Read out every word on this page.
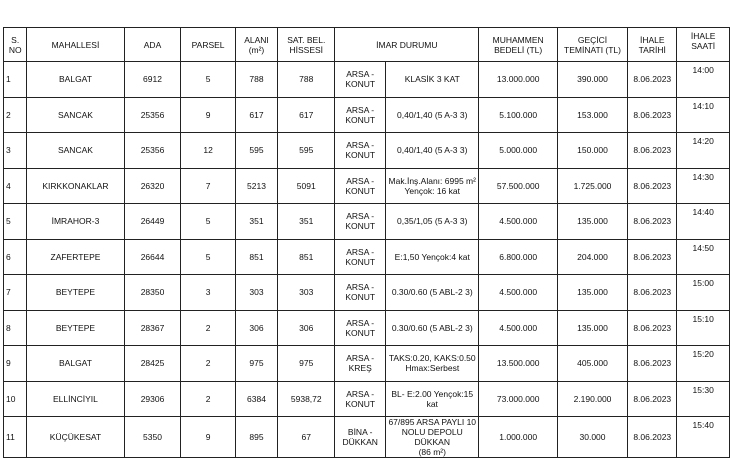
S.
NO	MAHALLESİ	ADA	PARSEL	ALANI
(m²)	SAT. BEL.
HİSSESİ	İMAR DURUMU		MUHAMMEN
BEDELİ (TL)	GEÇİCİ
TEMİNATI (TL)	İHALE
TARİHİ	İHALE SAATİ
1	BALGAT	6912	5	788	788	ARSA -
KONUT	KLASİK 3 KAT	13.000.000	390.000	8.06.2023	14:00
2	SANCAK	25356	9	617	617	ARSA -
KONUT	0,40/1,40 (5 A-3 3)	5.100.000	153.000	8.06.2023	14:10
3	SANCAK	25356	12	595	595	ARSA -
KONUT	0,40/1,40 (5 A-3 3)	5.000.000	150.000	8.06.2023	14:20
4	KIRKKONAKLAR	26320	7	5213	5091	ARSA -
KONUT	Mak.İnş.Alanı: 6995 m²
Yençok: 16 kat	57.500.000	1.725.000	8.06.2023	14:30
5	İMRAHOR-3	26449	5	351	351	ARSA -
KONUT	0,35/1,05 (5 A-3 3)	4.500.000	135.000	8.06.2023	14:40
6	ZAFERTEPE	26644	5	851	851	ARSA -
KONUT	E:1,50 Yençok:4 kat	6.800.000	204.000	8.06.2023	14:50
7	BEYTEPE	28350	3	303	303	ARSA -
KONUT	0.30/0.60 (5 ABL-2 3)	4.500.000	135.000	8.06.2023	15:00
8	BEYTEPE	28367	2	306	306	ARSA -
KONUT	0.30/0.60 (5 ABL-2 3)	4.500.000	135.000	8.06.2023	15:10
9	BALGAT	28425	2	975	975	ARSA - KREŞ	TAKS:0.20, KAKS:0.50
Hmax:Serbest	13.500.000	405.000	8.06.2023	15:20
10	ELLİNCİYIL	29306	2	6384	5938,72	ARSA -
KONUT	BL- E:2.00 Yençok:15 kat	73.000.000	2.190.000	8.06.2023	15:30
11	KÜÇÜKESAT	5350	9	895	67	BİNA -
DÜKKAN	67/895 ARSA PAYLI 10
NOLU DEPOLU DÜKKAN
(86 m²)	1.000.000	30.000	8.06.2023	15:40
